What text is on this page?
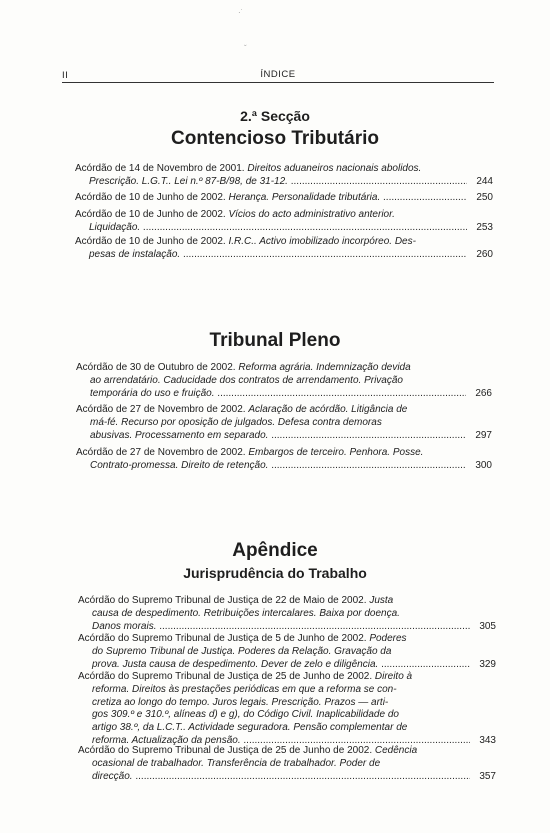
·˙
ˇ
II	ÍNDICE
2.ª Secção
Contencioso Tributário
Tribunal Pleno
Apêndice
Jurisprudência do Trabalho
Acórdão de 14 de Novembro de 2001. Direitos aduaneiros nacionais abolidos.
Prescrição. L.G.T.. Lei n.º 87-B/98, de 31-12. .....	244
Acórdão de 10 de Junho de 2002. Herança. Personalidade tributária. .....	250
Acórdão de 10 de Junho de 2002. Vícios do acto administrativo anterior.
Liquidação. .....	253
Acórdão de 10 de Junho de 2002. I.R.C.. Activo imobilizado incorpóreo. Des-
pesas de instalação. .....	260
Acórdão de 30 de Outubro de 2002. Reforma agrária. Indemnização devida
ao arrendatário. Caducidade dos contratos de arrendamento. Privação
temporária do uso e fruição. .....	266
Acórdão de 27 de Novembro de 2002. Aclaração de acórdão. Litigância de
má-fé. Recurso por oposição de julgados. Defesa contra demoras
abusivas. Processamento em separado. .....	297
Acórdão de 27 de Novembro de 2002. Embargos de terceiro. Penhora. Posse.
Contrato-promessa. Direito de retenção. .....	300
Acórdão do Supremo Tribunal de Justiça de 22 de Maio de 2002. Justa
causa de despedimento. Retribuições intercalares. Baixa por doença.
Danos morais. .....	305
Acórdão do Supremo Tribunal de Justiça de 5 de Junho de 2002. Poderes
do Supremo Tribunal de Justiça. Poderes da Relação. Gravação da
prova. Justa causa de despedimento. Dever de zelo e diligência. .....	329
Acórdão do Supremo Tribunal de Justiça de 25 de Junho de 2002. Direito à
reforma. Direitos às prestações periódicas em que a reforma se con-
cretiza ao longo do tempo. Juros legais. Prescrição. Prazos — arti-
gos 309.º e 310.º, alíneas d) e g), do Código Civil. Inaplicabilidade do
artigo 38.º, da L.C.T.. Actividade seguradora. Pensão complementar de
reforma. Actualização da pensão. .....	343
Acórdão do Supremo Tribunal de Justiça de 25 de Junho de 2002. Cedência
ocasional de trabalhador. Transferência de trabalhador. Poder de
direcção. .....	357
